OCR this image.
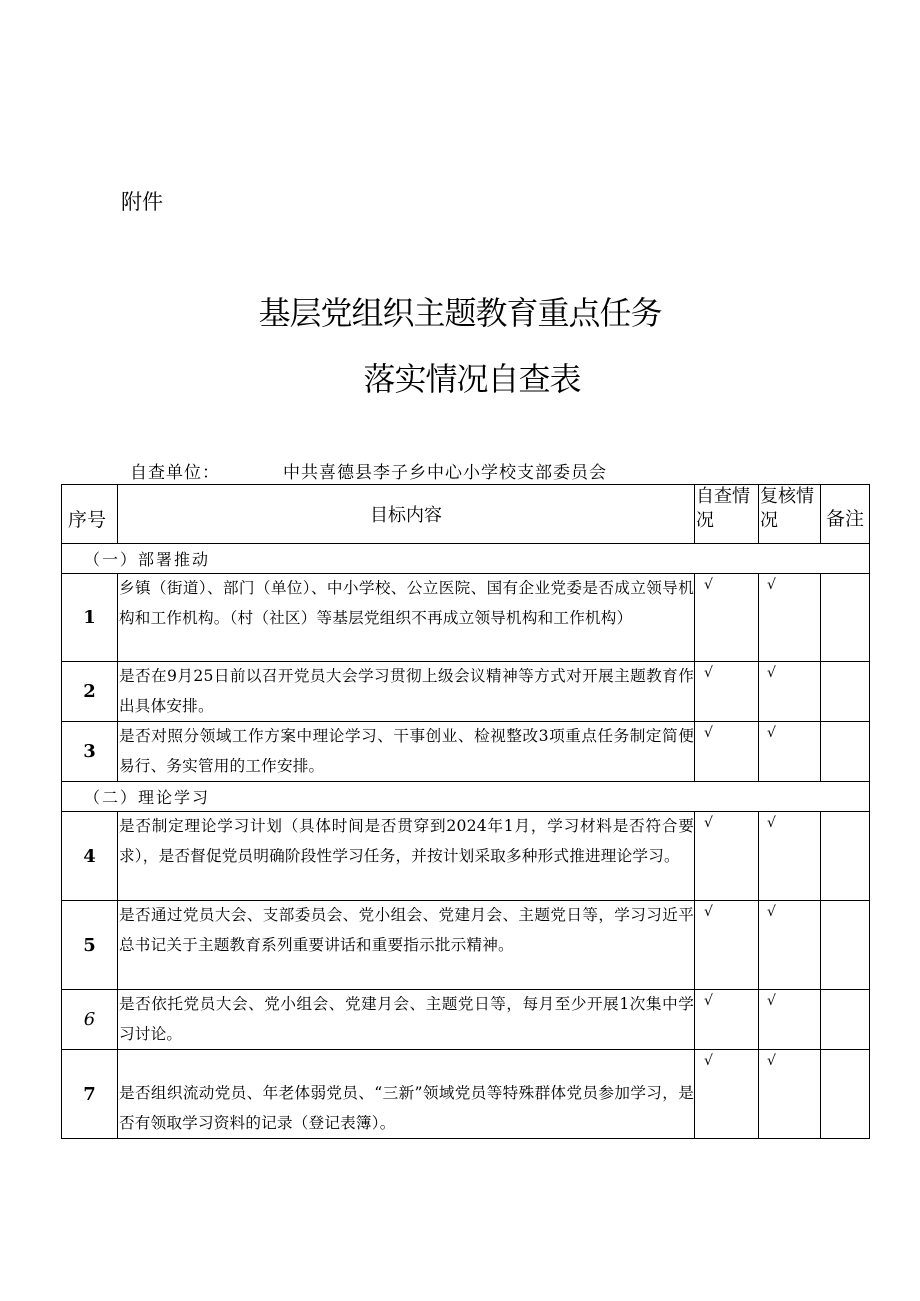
附件
基层党组织主题教育重点任务
落实情况自查表
自查单位：	中共喜德县李子乡中心小学校支部委员会
序号	目标内容	自查情况	复核情况	备注

（一）部署推动				
1	乡镇（街道）、部门（单位）、中小学校、公立医院、国有企业党委是否成立领导机构和工作机构。（村（社区）等基层党组织不再成立领导机构和工作机构）	√	√	
2	是否在9月25日前以召开党员大会学习贯彻上级会议精神等方式对开展主题教育作出具体安排。	√	√	
3	是否对照分领域工作方案中理论学习、干事创业、检视整改3项重点任务制定简便易行、务实管用的工作安排。	√	√	
（二）理论学习				
4	是否制定理论学习计划（具体时间是否贯穿到2024年1月，学习材料是否符合要求），是否督促党员明确阶段性学习任务，并按计划采取多种形式推进理论学习。	√	√	
5	是否通过党员大会、支部委员会、党小组会、党建月会、主题党日等，学习习近平总书记关于主题教育系列重要讲话和重要指示批示精神。	√	√	
6	是否依托党员大会、党小组会、党建月会、主题党日等，每月至少开展1次集中学习讨论。	√	√	
7	是否组织流动党员、年老体弱党员、“三新”领域党员等特殊群体党员参加学习，是否有领取学习资料的记录（登记表簿）。	√	√	
